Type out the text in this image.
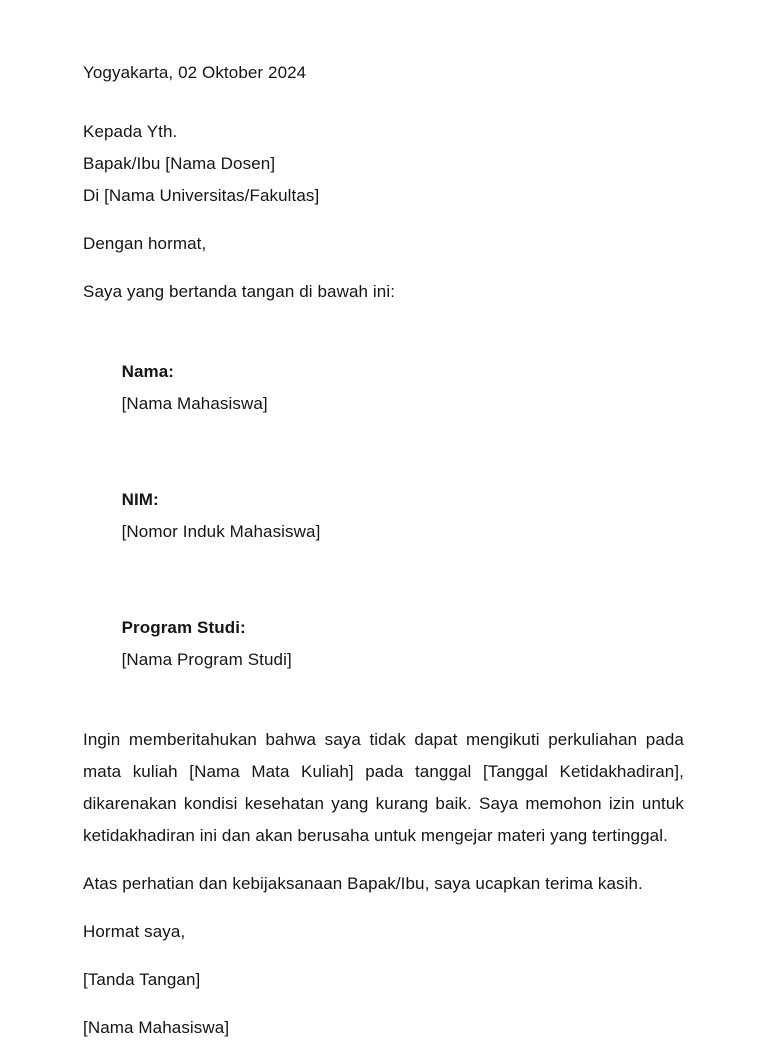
Yogyakarta, 02 Oktober 2024
Kepada Yth.
Bapak/Ibu [Nama Dosen]
Di [Nama Universitas/Fakultas]
Dengan hormat,
Saya yang bertanda tangan di bawah ini:

Nama:
[Nama Mahasiswa]

NIM:
[Nomor Induk Mahasiswa]

Program Studi:
[Nama Program Studi]

Ingin memberitahukan bahwa saya tidak dapat mengikuti perkuliahan pada mata kuliah [Nama Mata Kuliah] pada tanggal [Tanggal Ketidakhadiran], dikarenakan kondisi kesehatan yang kurang baik. Saya memohon izin untuk ketidakhadiran ini dan akan berusaha untuk mengejar materi yang tertinggal.

Atas perhatian dan kebijaksanaan Bapak/Ibu, saya ucapkan terima kasih.

Hormat saya,
[Tanda Tangan]
[Nama Mahasiswa]
